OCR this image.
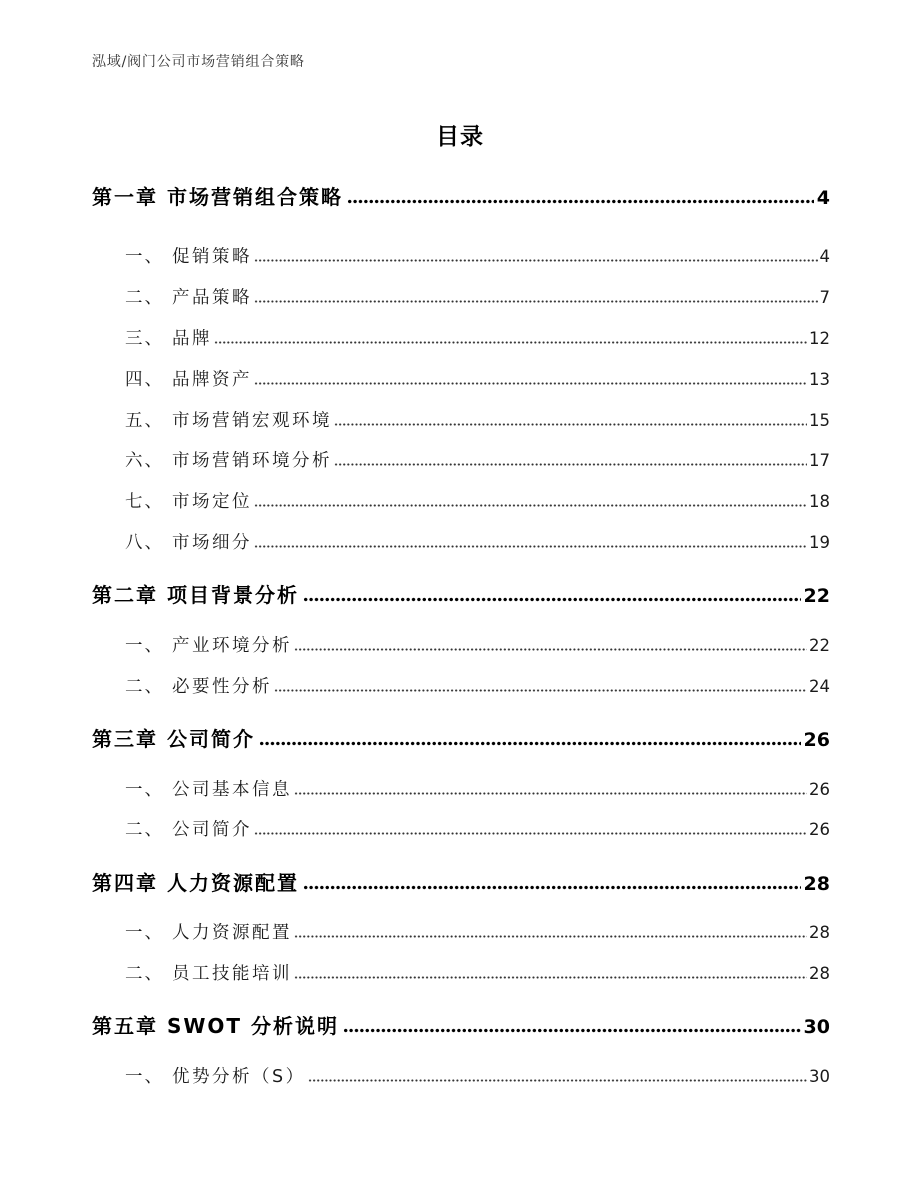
泓域/阀门公司市场营销组合策略
目录
第一章 市场营销组合策略	4
一、 促销策略	4
二、 产品策略	7
三、 品牌	12
四、 品牌资产	13
五、 市场营销宏观环境	15
六、 市场营销环境分析	17
七、 市场定位	18
八、 市场细分	19
第二章 项目背景分析	22
一、 产业环境分析	22
二、 必要性分析	24
第三章 公司简介	26
一、 公司基本信息	26
二、 公司简介	26
第四章 人力资源配置	28
一、 人力资源配置	28
二、 员工技能培训	28
第五章 SWOT 分析说明	30
一、 优势分析（S）	30
